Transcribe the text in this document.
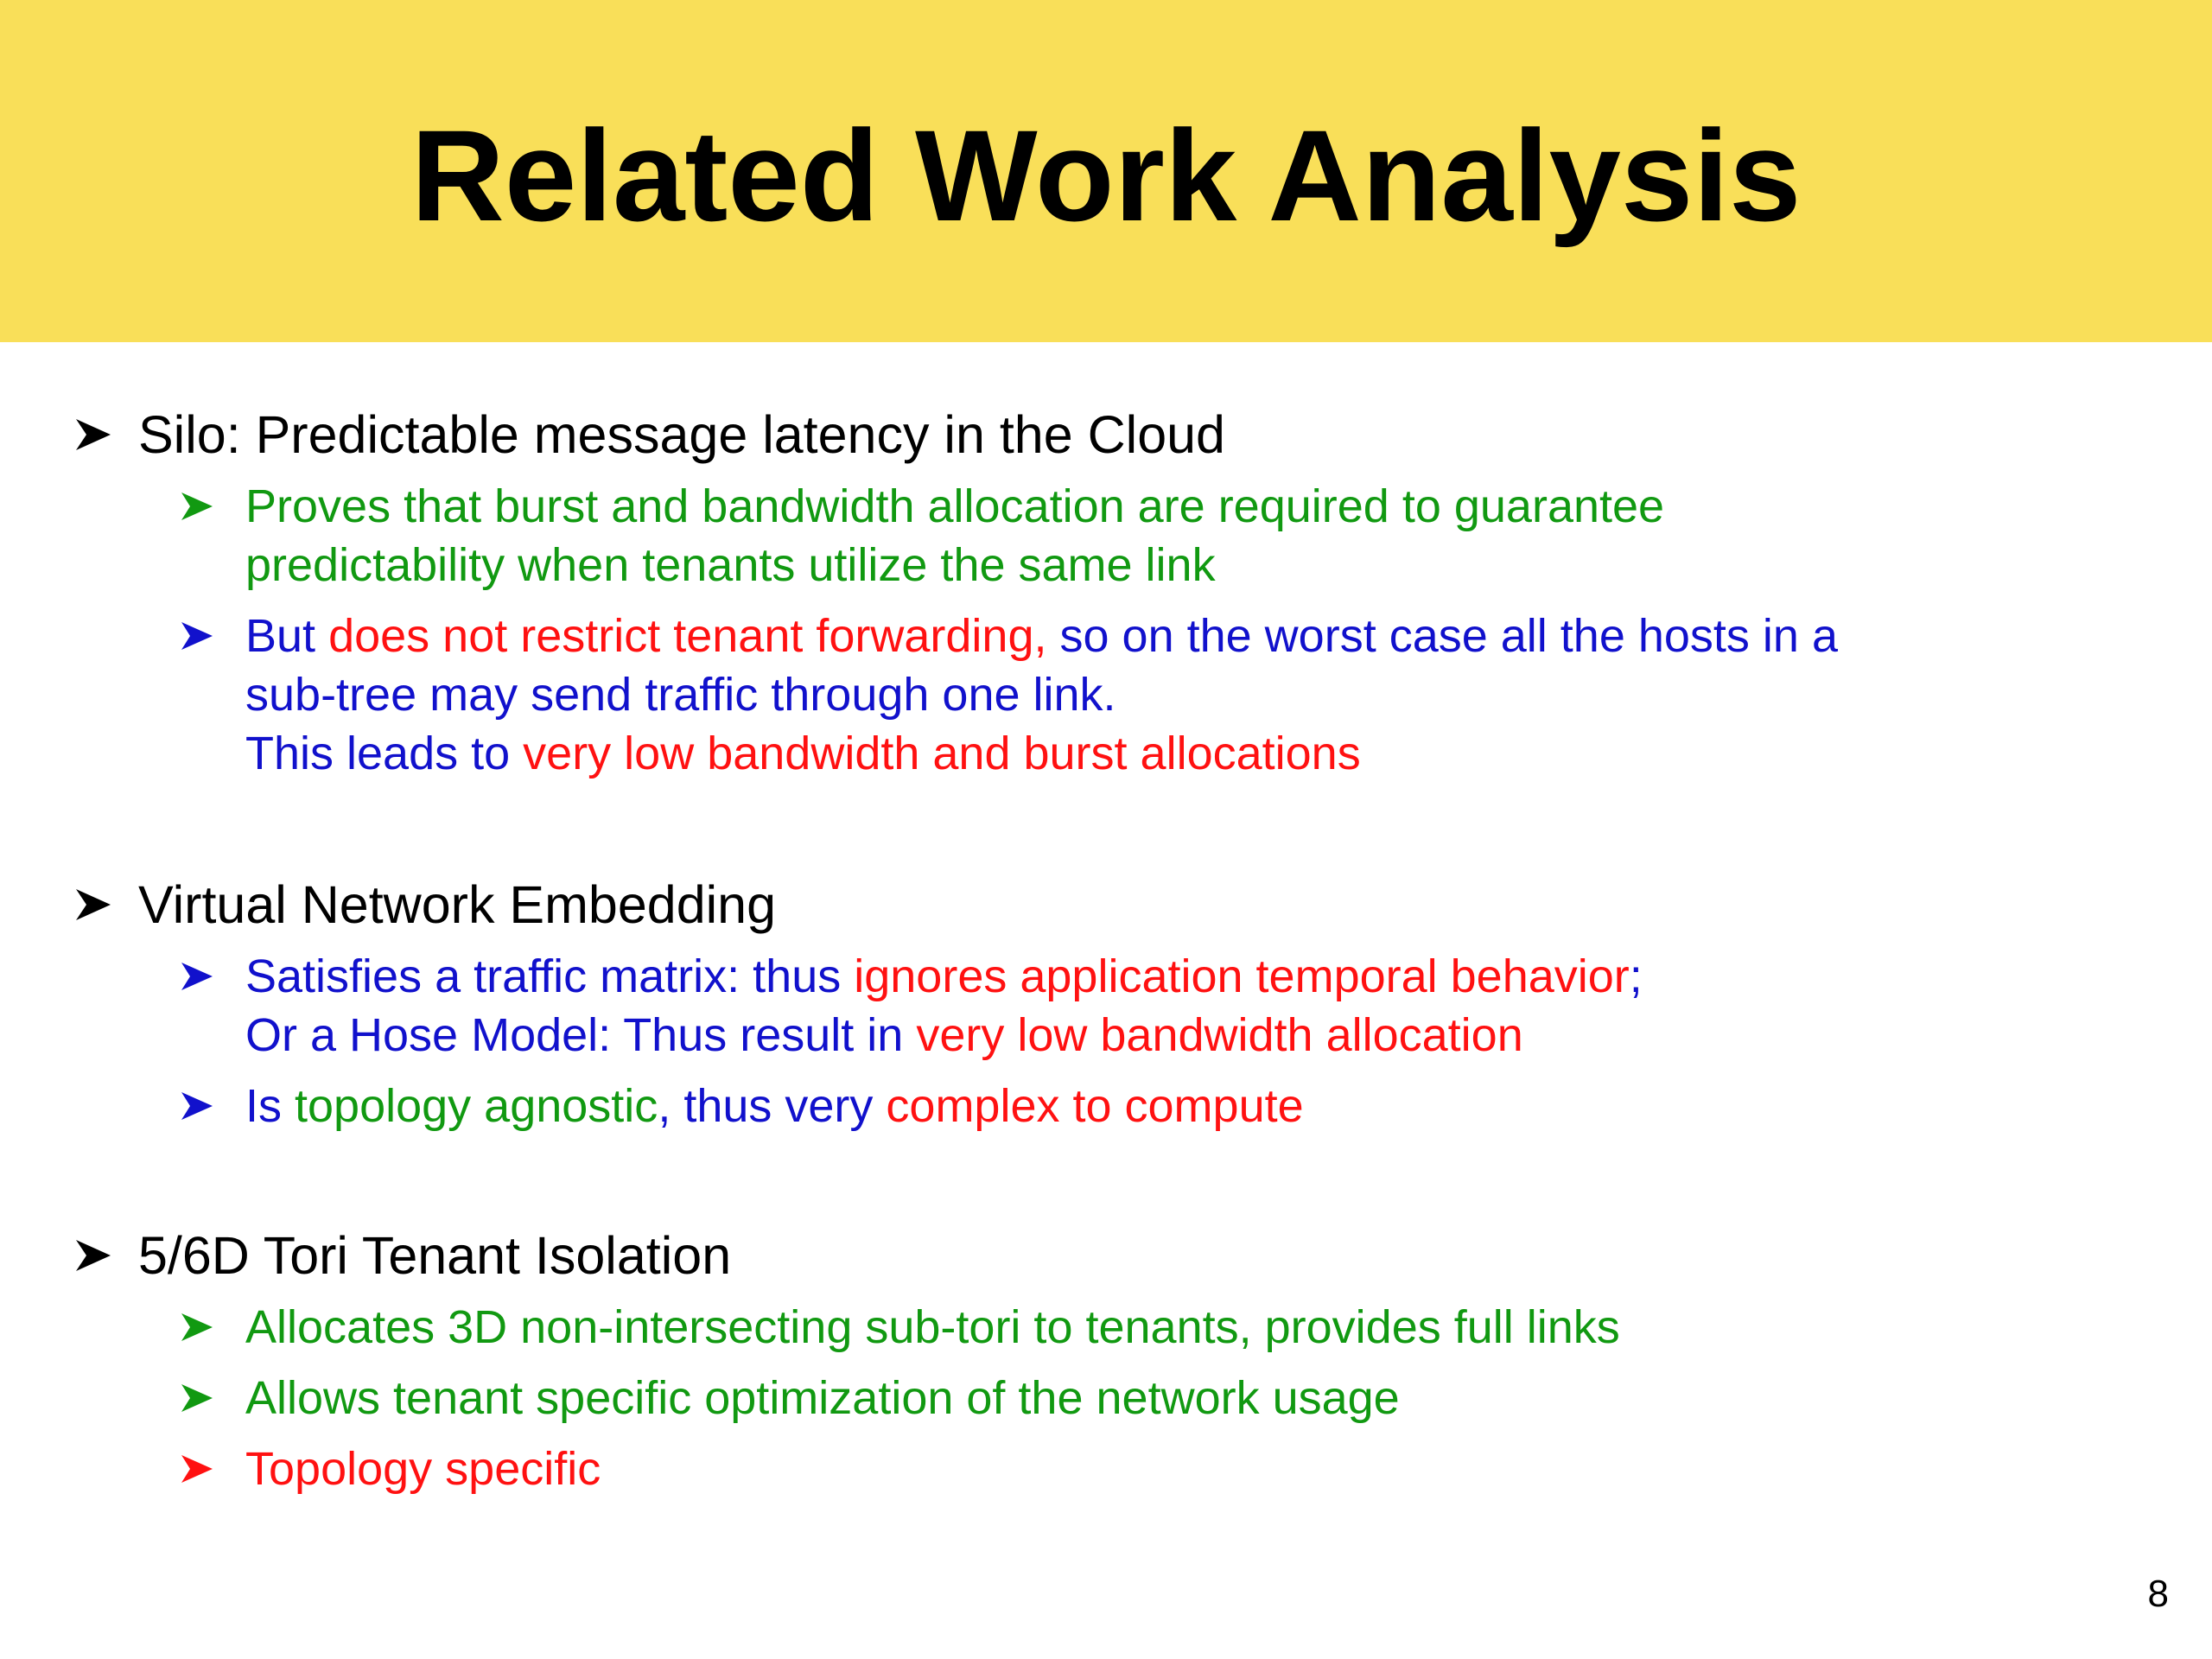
Related Work Analysis
Silo: Predictable message latency in the Cloud
Proves that burst and bandwidth allocation are required to guarantee
predictability when tenants utilize the same link
But does not restrict tenant forwarding, so on the worst case all the hosts in a
sub-tree may send traffic through one link.
This leads to very low bandwidth and burst allocations
Virtual Network Embedding
Satisfies a traffic matrix: thus ignores application temporal behavior;
Or a Hose Model: Thus result in very low bandwidth allocation
Is topology agnostic, thus very complex to compute
5/6D Tori Tenant Isolation
Allocates 3D non-intersecting sub-tori to tenants, provides full links
Allows tenant specific optimization of the network usage
Topology specific
8
